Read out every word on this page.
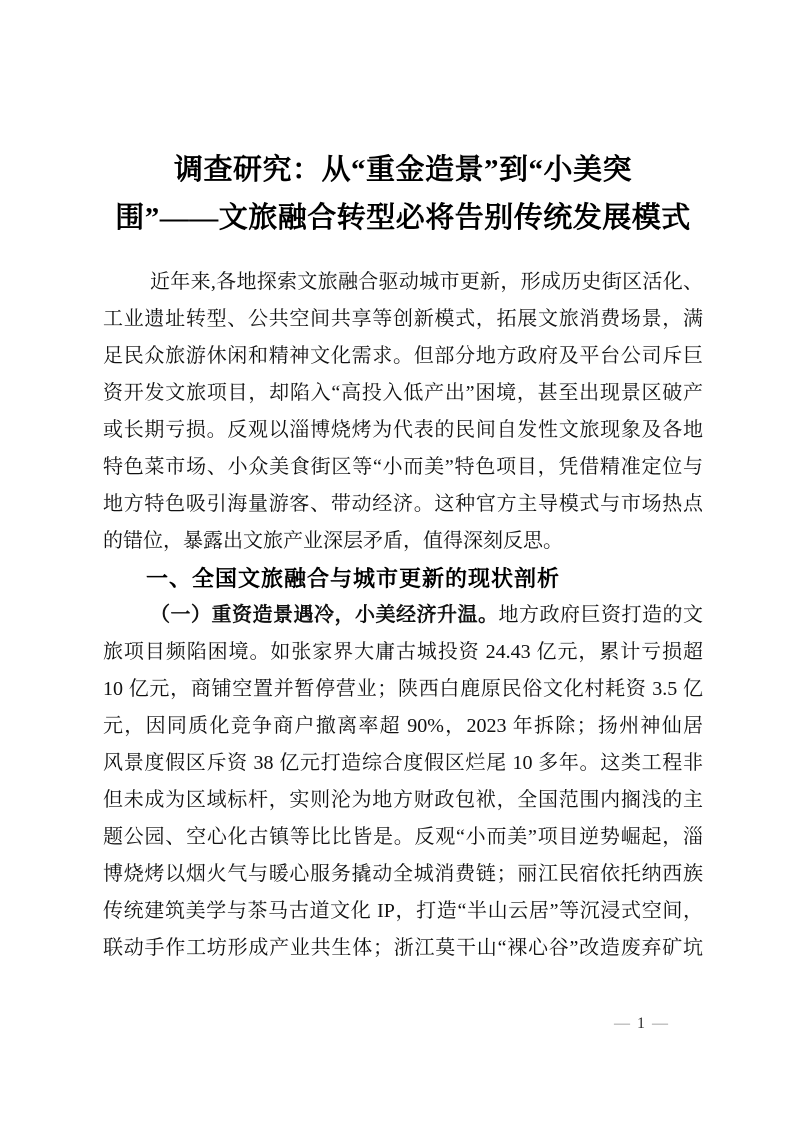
调查研究：从“重金造景”到“小美突
围”——文旅融合转型必将告别传统发展模式
近年来,各地探索文旅融合驱动城市更新，形成历史街区活化、
工业遗址转型、公共空间共享等创新模式，拓展文旅消费场景，满
足民众旅游休闲和精神文化需求。但部分地方政府及平台公司斥巨
资开发文旅项目，却陷入“高投入低产出”困境，甚至出现景区破产
或长期亏损。反观以淄博烧烤为代表的民间自发性文旅现象及各地
特色菜市场、小众美食街区等“小而美”特色项目，凭借精准定位与
地方特色吸引海量游客、带动经济。这种官方主导模式与市场热点
的错位，暴露出文旅产业深层矛盾，值得深刻反思。
一、全国文旅融合与城市更新的现状剖析
（一）重资造景遇冷，小美经济升温。地方政府巨资打造的文
旅项目频陷困境。如张家界大庸古城投资 24.43 亿元，累计亏损超
10 亿元，商铺空置并暂停营业；陕西白鹿原民俗文化村耗资 3.5 亿
元，因同质化竞争商户撤离率超 90%，2023 年拆除；扬州神仙居
风景度假区斥资 38 亿元打造综合度假区烂尾 10 多年。这类工程非
但未成为区域标杆，实则沦为地方财政包袱，全国范围内搁浅的主
题公园、空心化古镇等比比皆是。反观“小而美”项目逆势崛起，淄
博烧烤以烟火气与暖心服务撬动全城消费链；丽江民宿依托纳西族
传统建筑美学与茶马古道文化 IP，打造“半山云居”等沉浸式空间，
联动手作工坊形成产业共生体；浙江莫干山“裸心谷”改造废弃矿坑
— 1 —
